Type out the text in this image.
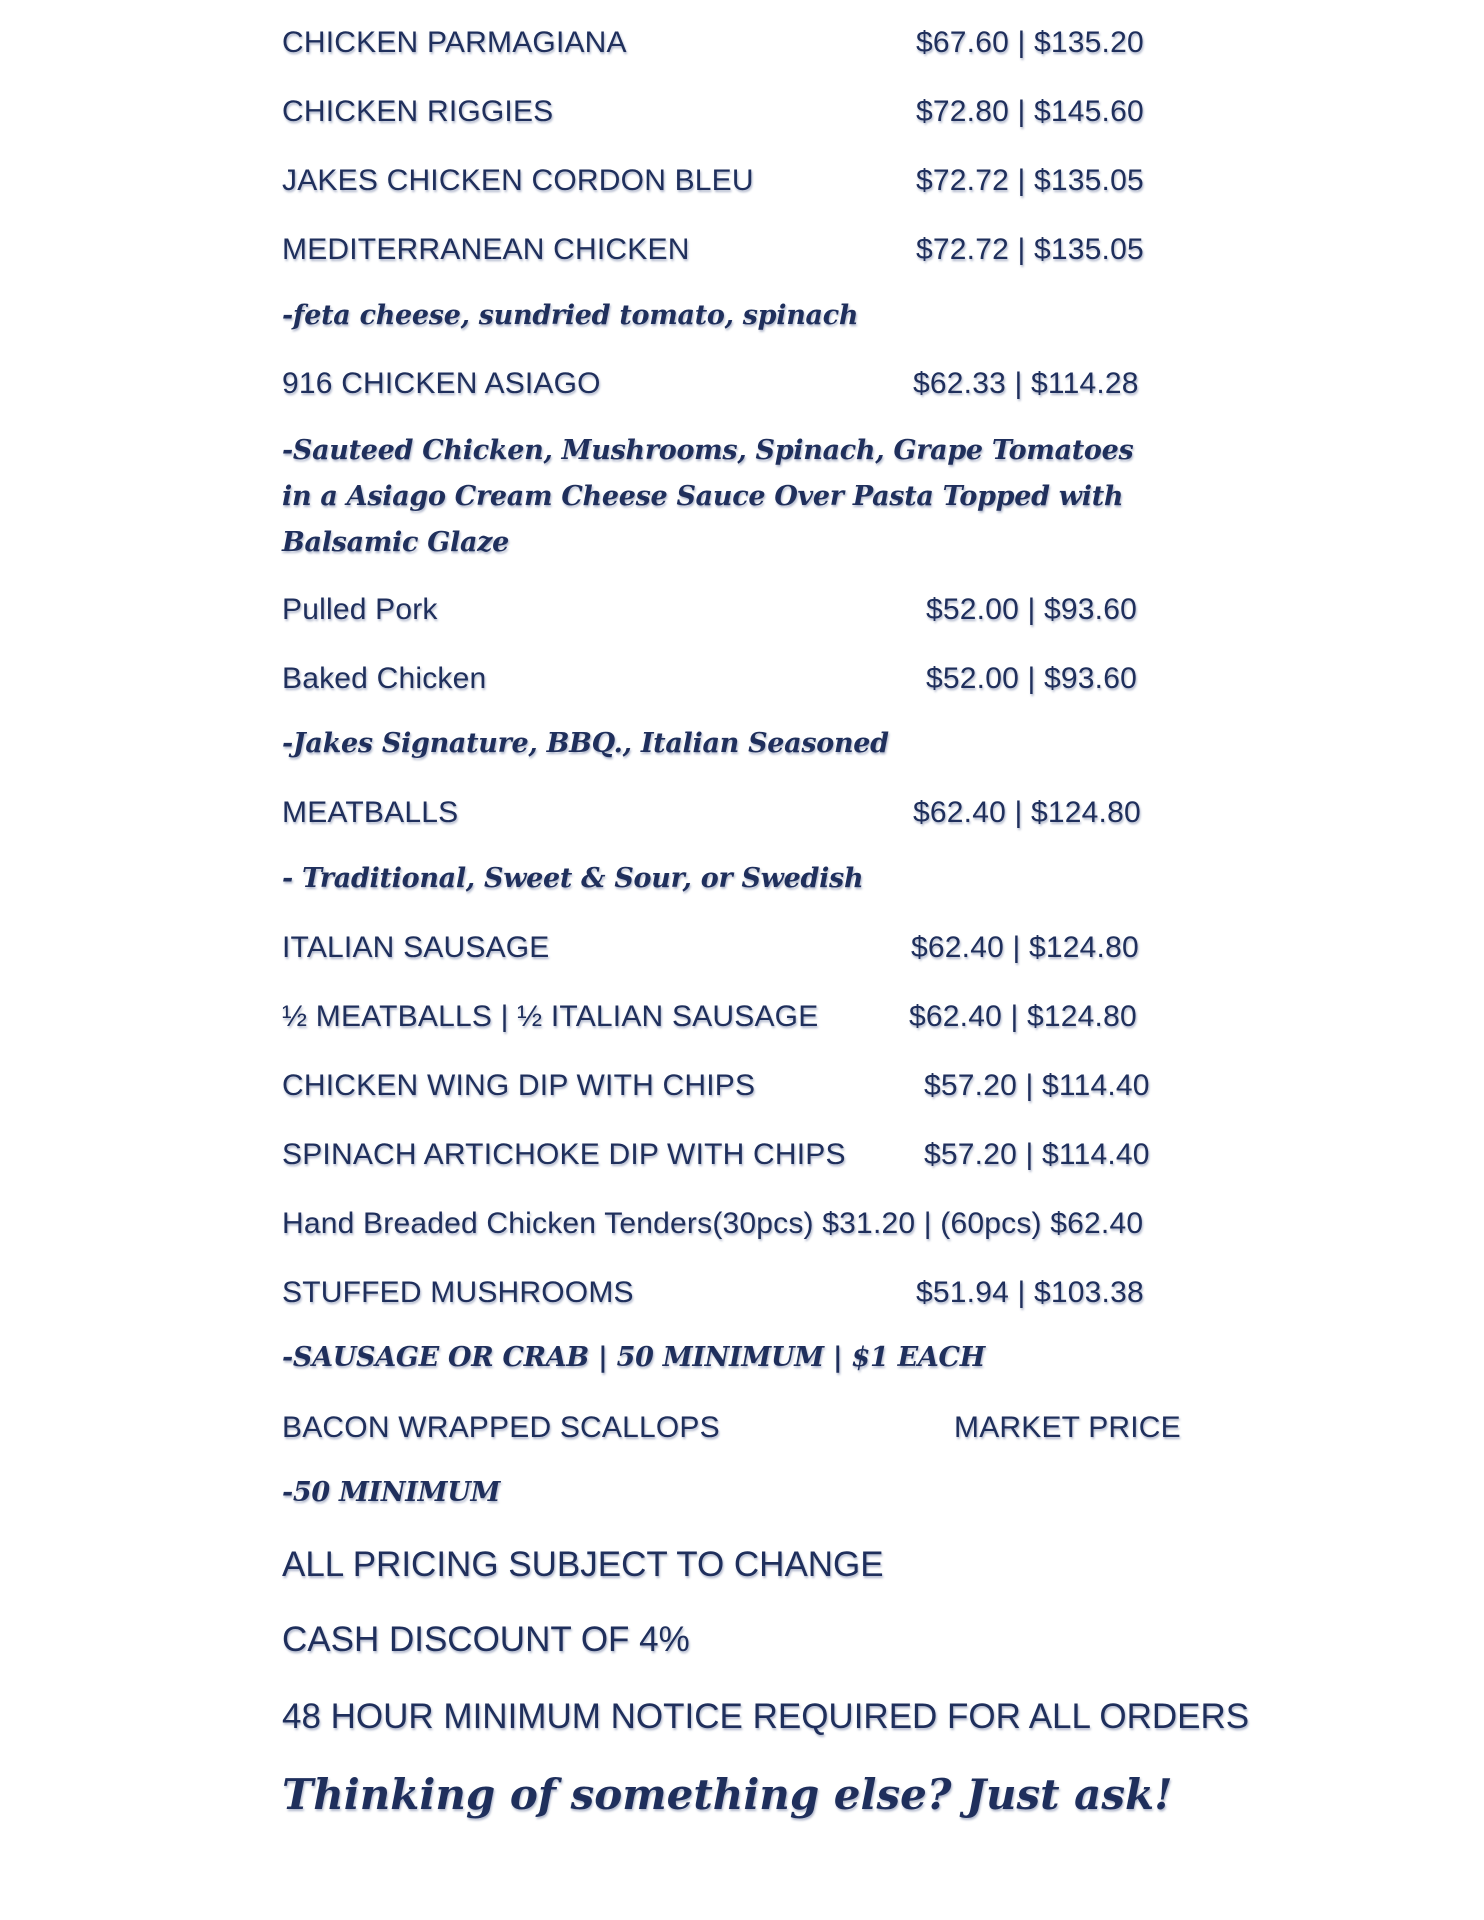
CHICKEN PARMAGIANA	$67.60 | $135.20
CHICKEN RIGGIES	$72.80 | $145.60
JAKES CHICKEN CORDON BLEU	$72.72 | $135.05
MEDITERRANEAN CHICKEN	$72.72 | $135.05
-feta cheese, sundried tomato, spinach
916 CHICKEN ASIAGO	$62.33 | $114.28
-Sauteed Chicken, Mushrooms, Spinach, Grape Tomatoes in a Asiago Cream Cheese Sauce Over Pasta Topped with Balsamic Glaze
Pulled Pork	$52.00 | $93.60
Baked Chicken	$52.00 | $93.60
-Jakes Signature, BBQ., Italian Seasoned
MEATBALLS	$62.40 | $124.80
- Traditional, Sweet & Sour, or Swedish
ITALIAN SAUSAGE	$62.40 | $124.80
½ MEATBALLS | ½ ITALIAN SAUSAGE	$62.40 | $124.80
CHICKEN WING DIP WITH CHIPS	$57.20 | $114.40
SPINACH ARTICHOKE DIP WITH CHIPS	$57.20 | $114.40
Hand Breaded Chicken Tenders(30pcs) $31.20 | (60pcs) $62.40
STUFFED MUSHROOMS	$51.94 | $103.38
-SAUSAGE OR CRAB | 50 MINIMUM | $1 EACH
BACON WRAPPED SCALLOPS	MARKET PRICE
-50 MINIMUM
ALL PRICING SUBJECT TO CHANGE
CASH DISCOUNT OF 4%
48 HOUR MINIMUM NOTICE REQUIRED FOR ALL ORDERS
Thinking of something else? Just ask!
